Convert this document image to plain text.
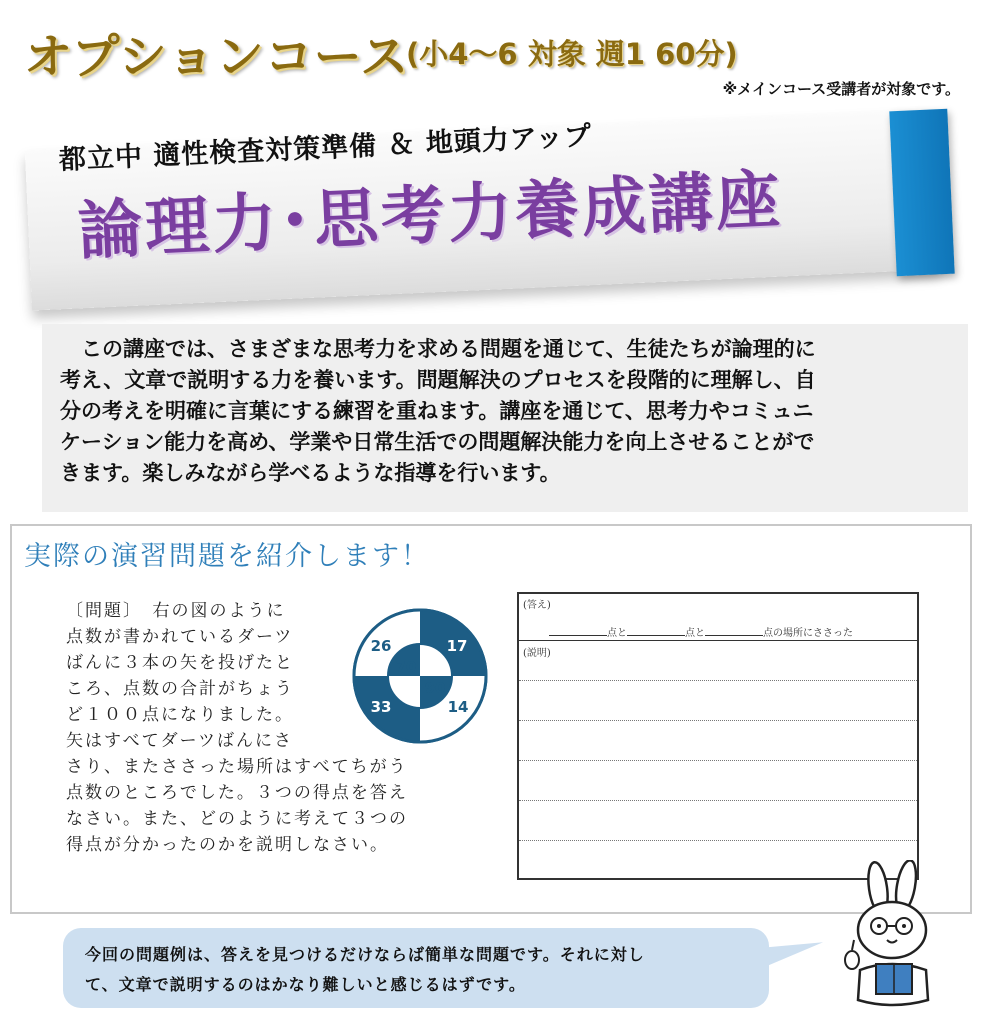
オプションコース
(小4～6 対象 週1 60分)
※メインコース受講者が対象です。
都立中 適性検査対策準備 ＆ 地頭力アップ
論理力･思考力養成講座
　この講座では、さまざまな思考力を求める問題を通じて、生徒たちが論理的に
考え、文章で説明する力を養います。問題解決のプロセスを段階的に理解し、自
分の考えを明確に言葉にする練習を重ねます。講座を通じて、思考力やコミュニ
ケーション能力を高め、学業や日常生活での問題解決能力を向上させることがで
きます。楽しみながら学べるような指導を行います。
実際の演習問題を紹介します！
〔問題〕　右の図のように
点数が書かれているダーツ
ばんに３本の矢を投げたと
ころ、点数の合計がちょう
ど１００点になりました。
矢はすべてダーツばんにさ
さり、またささった場所はすべてちがう
点数のところでした。３つの得点を答え
なさい。また、どのように考えて３つの
得点が分かったのかを説明しなさい。
26	17
33	14
70 80
60 90
(答え)
点と	点と	点の場所にささった
(説明)
今回の問題例は、答えを見つけるだけならば簡単な問題です。それに対し
て、文章で説明するのはかなり難しいと感じるはずです。
